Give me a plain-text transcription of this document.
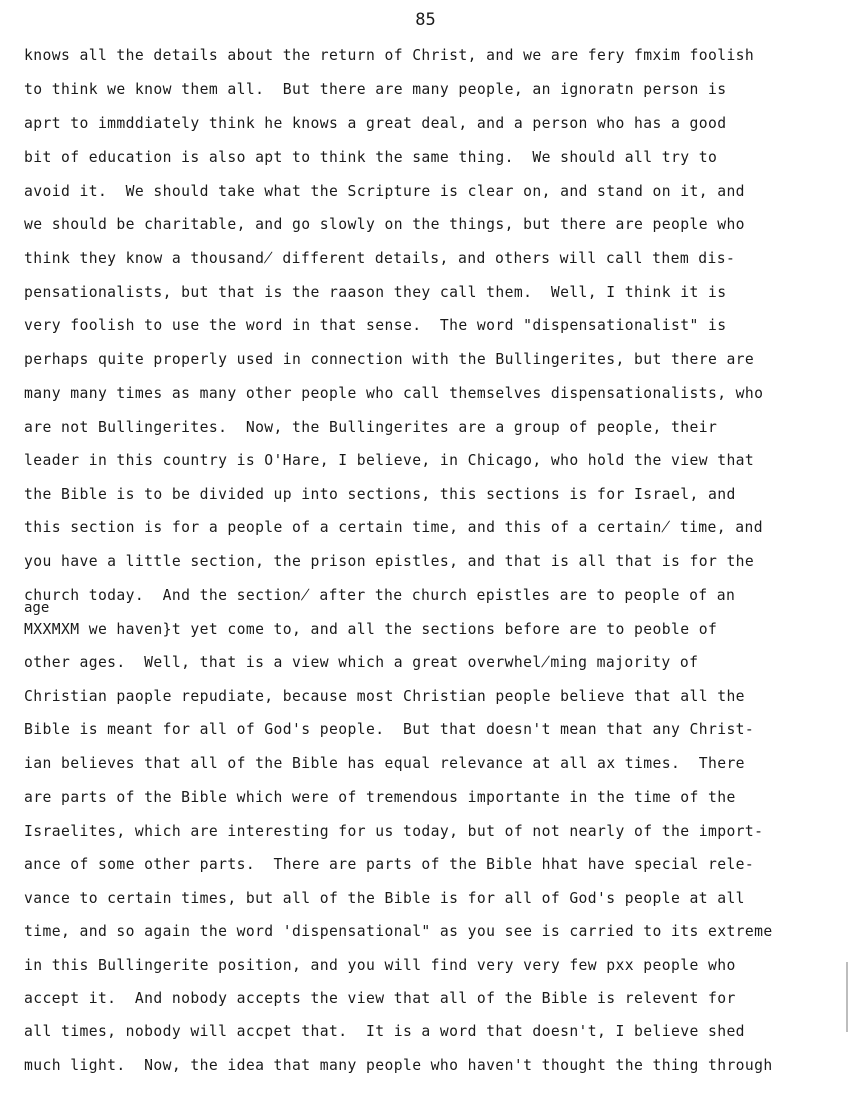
85
knows all the details about the return of Christ, and we are fery fmxim foolish
to think we know them all.  But there are many people, an ignoratn person is
aprt to immddiately think he knows a great deal, and a person who has a good
bit of education is also apt to think the same thing.  We should all try to
avoid it.  We should take what the Scripture is clear on, and stand on it, and
we should be charitable, and go slowly on the things, but there are people who
think they know a thousand̸ different details, and others will call them dis-
pensationalists, but that is the raason they call them.  Well, I think it is
very foolish to use the word in that sense.  The word "dispensationalist" is
perhaps quite properly used in connection with the Bullingerites, but there are
many many times as many other people who call themselves dispensationalists, who
are not Bullingerites.  Now, the Bullingerites are a group of people, their
leader in this country is O'Hare, I believe, in Chicago, who hold the view that
the Bible is to be divided up into sections, this sections is for Israel, and
this section is for a people of a certain time, and this of a certain̸ time, and
you have a little section, the prison epistles, and that is all that is for the
church today.  And the section̸ after the church epistles are to people of an
age
MXXMXM we haven}t yet come to, and all the sections before are to peoble of
other ages.  Well, that is a view which a great overwhel̸ming majority of
Christian paople repudiate, because most Christian people believe that all the
Bible is meant for all of God's people.  But that doesn't mean that any Christ-
ian believes that all of the Bible has equal relevance at all ax times.  There
are parts of the Bible which were of tremendous importante in the time of the
Israelites, which are interesting for us today, but of not nearly of the import-
ance of some other parts.  There are parts of the Bible hhat have special rele-
vance to certain times, but all of the Bible is for all of God's people at all
time, and so again the word 'dispensational" as you see is carried to its extreme
in this Bullingerite position, and you will find very very few pxx people who
accept it.  And nobody accepts the view that all of the Bible is relevent for
all times, nobody will accpet that.  It is a word that doesn't, I believe shed
much light.  Now, the idea that many people who haven't thought the thing through
